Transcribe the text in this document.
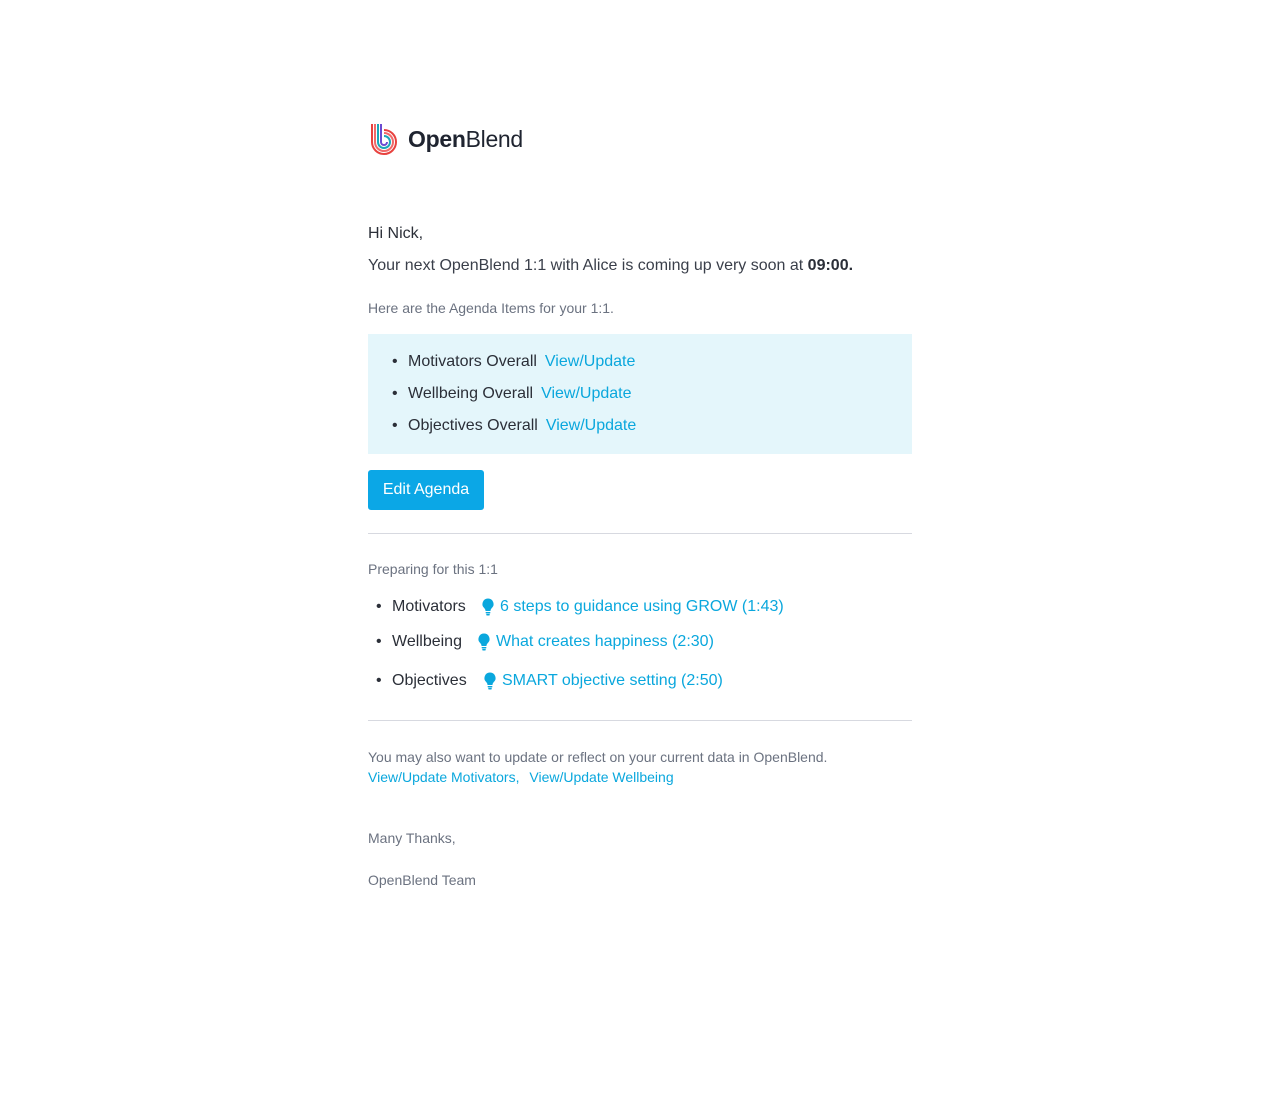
OpenBlend
Hi Nick,
Your next OpenBlend 1:1 with Alice is coming up very soon at 09:00.
Here are the Agenda Items for your 1:1.
• Motivators Overall View/Update
• Wellbeing Overall View/Update
• Objectives Overall View/Update
Edit Agenda
Preparing for this 1:1
• Motivators	6 steps to guidance using GROW (1:43)
• Wellbeing	What creates happiness (2:30)
• Objectives	SMART objective setting (2:50)
You may also want to update or reflect on your current data in OpenBlend.
View/Update Motivators, View/Update Wellbeing
Many Thanks,
OpenBlend Team
